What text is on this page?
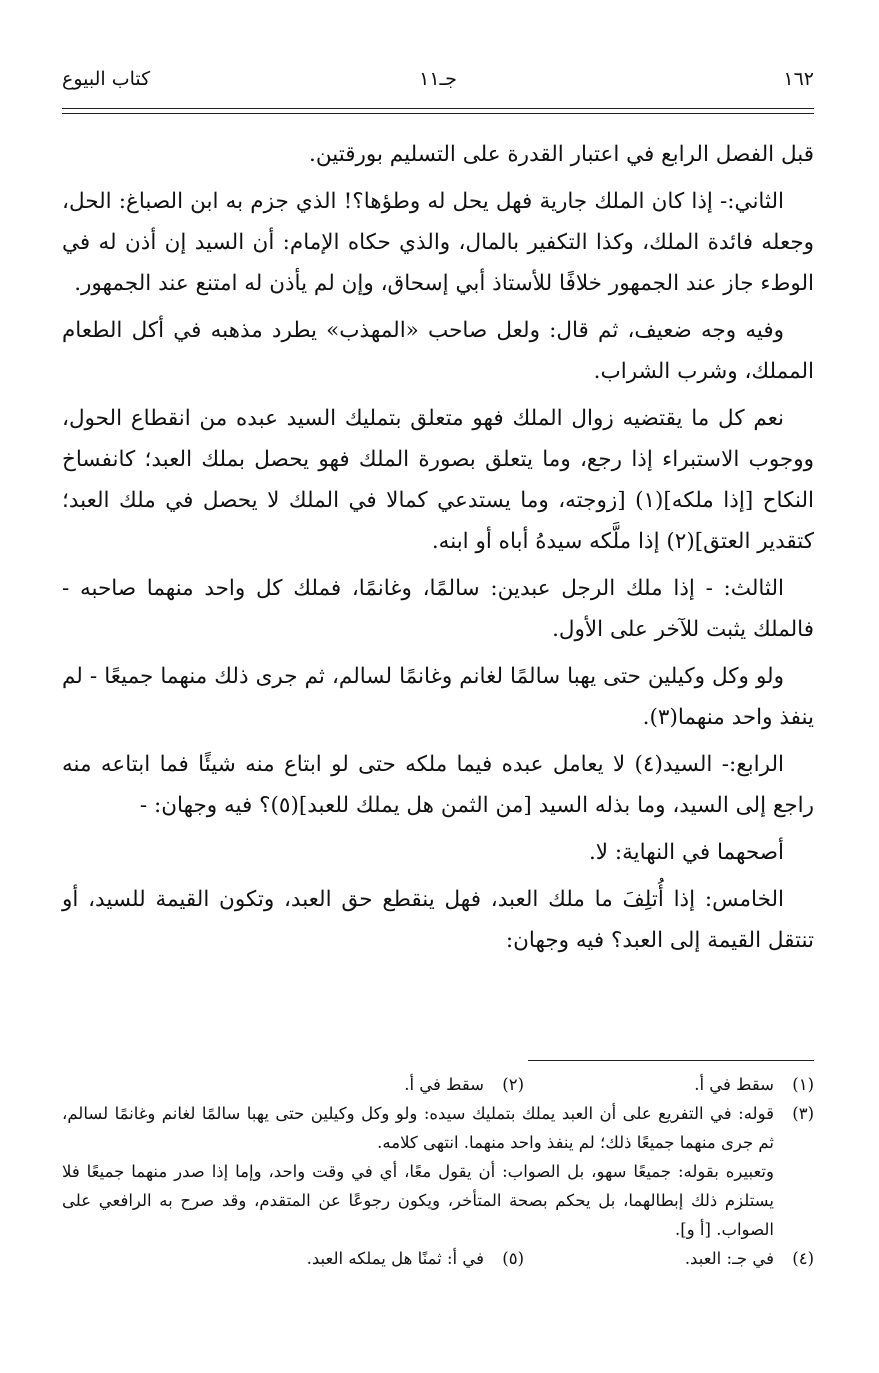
١٦٢
جـ١١
كتاب البيوع

قبل الفصل الرابع في اعتبار القدرة على التسليم بورقتين.

الثاني:- إذا كان الملك جارية فهل يحل له وطؤها؟! الذي جزم به ابن الصباغ: الحل، وجعله فائدة الملك، وكذا التكفير بالمال، والذي حكاه الإمام: أن السيد إن أذن له في الوطء جاز عند الجمهور خلافًا للأستاذ أبي إسحاق، وإن لم يأذن له امتنع عند الجمهور.

وفيه وجه ضعيف، ثم قال: ولعل صاحب «المهذب» يطرد مذهبه في أكل الطعام المملك، وشرب الشراب.

نعم كل ما يقتضيه زوال الملك فهو متعلق بتمليك السيد عبده من انقطاع الحول، ووجوب الاستبراء إذا رجع، وما يتعلق بصورة الملك فهو يحصل بملك العبد؛ كانفساخ النكاح [إذا ملكه](١) [زوجته، وما يستدعي كمالا في الملك لا يحصل في ملك العبد؛ كتقدير العتق](٢) إذا ملَّكه سيدهُ أباه أو ابنه.

الثالث: - إذا ملك الرجل عبدين: سالمًا، وغانمًا، فملك كل واحد منهما صاحبه - فالملك يثبت للآخر على الأول.

ولو وكل وكيلين حتى يهبا سالمًا لغانم وغانمًا لسالم، ثم جرى ذلك منهما جميعًا - لم ينفذ واحد منهما(٣).

الرابع:- السيد(٤) لا يعامل عبده فيما ملكه حتى لو ابتاع منه شيئًا فما ابتاعه منه راجع إلى السيد، وما بذله السيد [من الثمن هل يملك للعبد](٥)؟ فيه وجهان: -

أصحهما في النهاية: لا.

الخامس: إذا أُتلِفَ ما ملك العبد، فهل ينقطع حق العبد، وتكون القيمة للسيد، أو تنتقل القيمة إلى العبد؟ فيه وجهان:

(١)
سقط في أ.
(٢)
سقط في أ.
(٣)

قوله: في التفريع على أن العبد يملك بتمليك سيده: ولو وكل وكيلين حتى يهبا سالمًا لغانم وغانمًا لسالم، ثم جرى منهما جميعًا ذلك؛ لم ينفذ واحد منهما. انتهى كلامه.

وتعبيره بقوله: جميعًا سهو، بل الصواب: أن يقول معًا، أي في وقت واحد، وإما إذا صدر منهما جميعًا فلا يستلزم ذلك إبطالهما، بل يحكم بصحة المتأخر، ويكون رجوعًا عن المتقدم، وقد صرح به الرافعي على الصواب. [أ و].

(٤)
في جـ: العبد.
(٥)
في أ: ثمنًا هل يملكه العبد.
